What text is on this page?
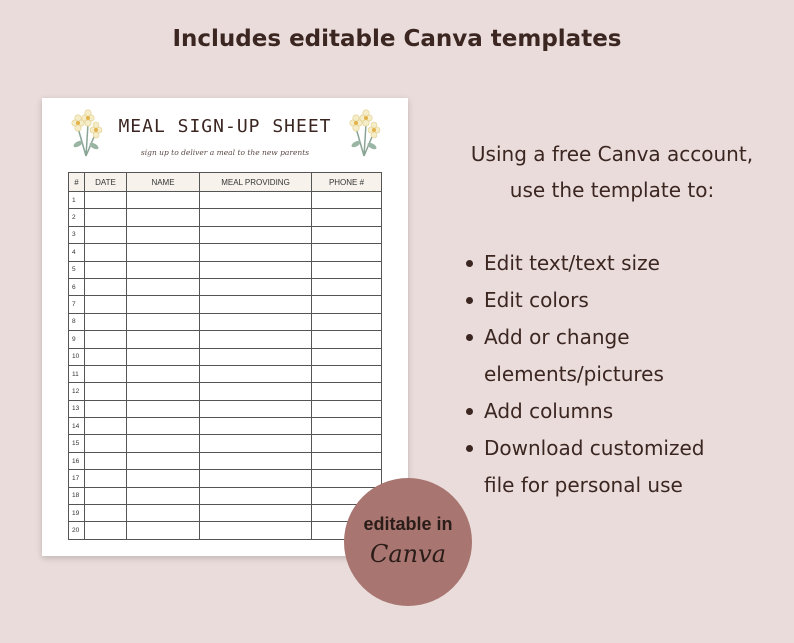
Includes editable Canva templates
MEAL SIGN-UP SHEET
sign up to deliver a meal to the new parents
#	DATE	NAME	MEAL PROVIDING	PHONE #
1				
2				
3				
4				
5				
6				
7				
8				
9				
10				
11				
12				
13				
14				
15				
16				
17				
18				
19				
20				
Using a free Canva account,
use the template to:
Edit text/text size
Edit colors
Add or change
elements/pictures
Add columns
Download customized
file for personal use
editable in
Canva
